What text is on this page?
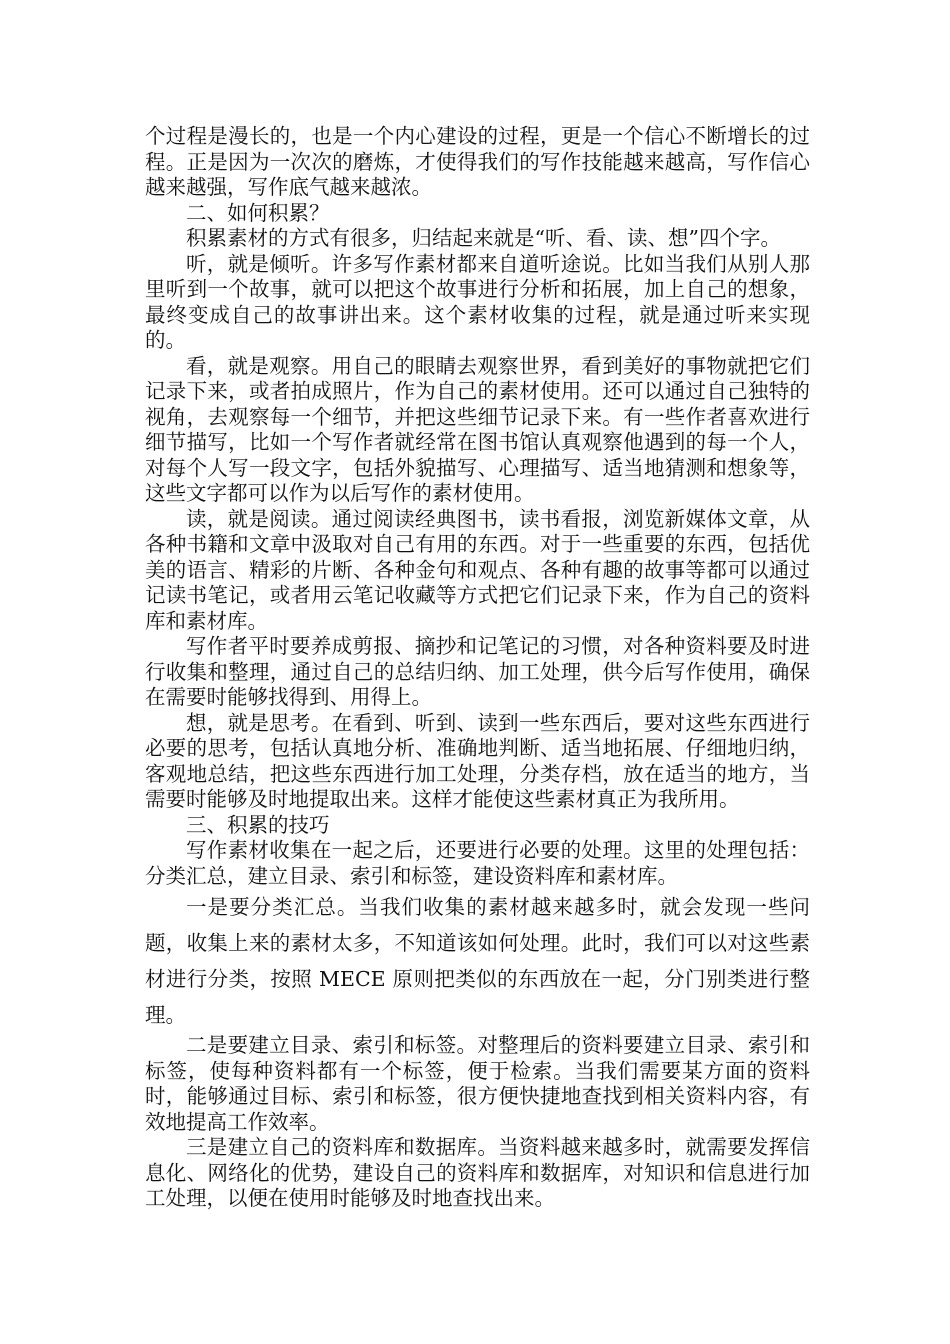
个过程是漫长的，也是一个内心建设的过程，更是一个信心不断增长的过程。正是因为一次次的磨炼，才使得我们的写作技能越来越高，写作信心越来越强，写作底气越来越浓。

二、如何积累？

积累素材的方式有很多，归结起来就是“听、看、读、想”四个字。

听，就是倾听。许多写作素材都来自道听途说。比如当我们从别人那里听到一个故事，就可以把这个故事进行分析和拓展，加上自己的想象，最终变成自己的故事讲出来。这个素材收集的过程，就是通过听来实现的。

看，就是观察。用自己的眼睛去观察世界，看到美好的事物就把它们记录下来，或者拍成照片，作为自己的素材使用。还可以通过自己独特的视角，去观察每一个细节，并把这些细节记录下来。有一些作者喜欢进行细节描写，比如一个写作者就经常在图书馆认真观察他遇到的每一个人，对每个人写一段文字，包括外貌描写、心理描写、适当地猜测和想象等，这些文字都可以作为以后写作的素材使用。

读，就是阅读。通过阅读经典图书，读书看报，浏览新媒体文章，从各种书籍和文章中汲取对自己有用的东西。对于一些重要的东西，包括优美的语言、精彩的片断、各种金句和观点、各种有趣的故事等都可以通过记读书笔记，或者用云笔记收藏等方式把它们记录下来，作为自己的资料库和素材库。

写作者平时要养成剪报、摘抄和记笔记的习惯，对各种资料要及时进行收集和整理，通过自己的总结归纳、加工处理，供今后写作使用，确保在需要时能够找得到、用得上。

想，就是思考。在看到、听到、读到一些东西后，要对这些东西进行必要的思考，包括认真地分析、准确地判断、适当地拓展、仔细地归纳，客观地总结，把这些东西进行加工处理，分类存档，放在适当的地方，当需要时能够及时地提取出来。这样才能使这些素材真正为我所用。

三、积累的技巧

写作素材收集在一起之后，还要进行必要的处理。这里的处理包括：分类汇总，建立目录、索引和标签，建设资料库和素材库。

一是要分类汇总。当我们收集的素材越来越多时，就会发现一些问题，收集上来的素材太多，不知道该如何处理。此时，我们可以对这些素材进行分类，按照 MECE 原则把类似的东西放在一起，分门别类进行整理。

二是要建立目录、索引和标签。对整理后的资料要建立目录、索引和标签，使每种资料都有一个标签，便于检索。当我们需要某方面的资料时，能够通过目标、索引和标签，很方便快捷地查找到相关资料内容，有效地提高工作效率。

三是建立自己的资料库和数据库。当资料越来越多时，就需要发挥信息化、网络化的优势，建设自己的资料库和数据库，对知识和信息进行加工处理，以便在使用时能够及时地查找出来。
